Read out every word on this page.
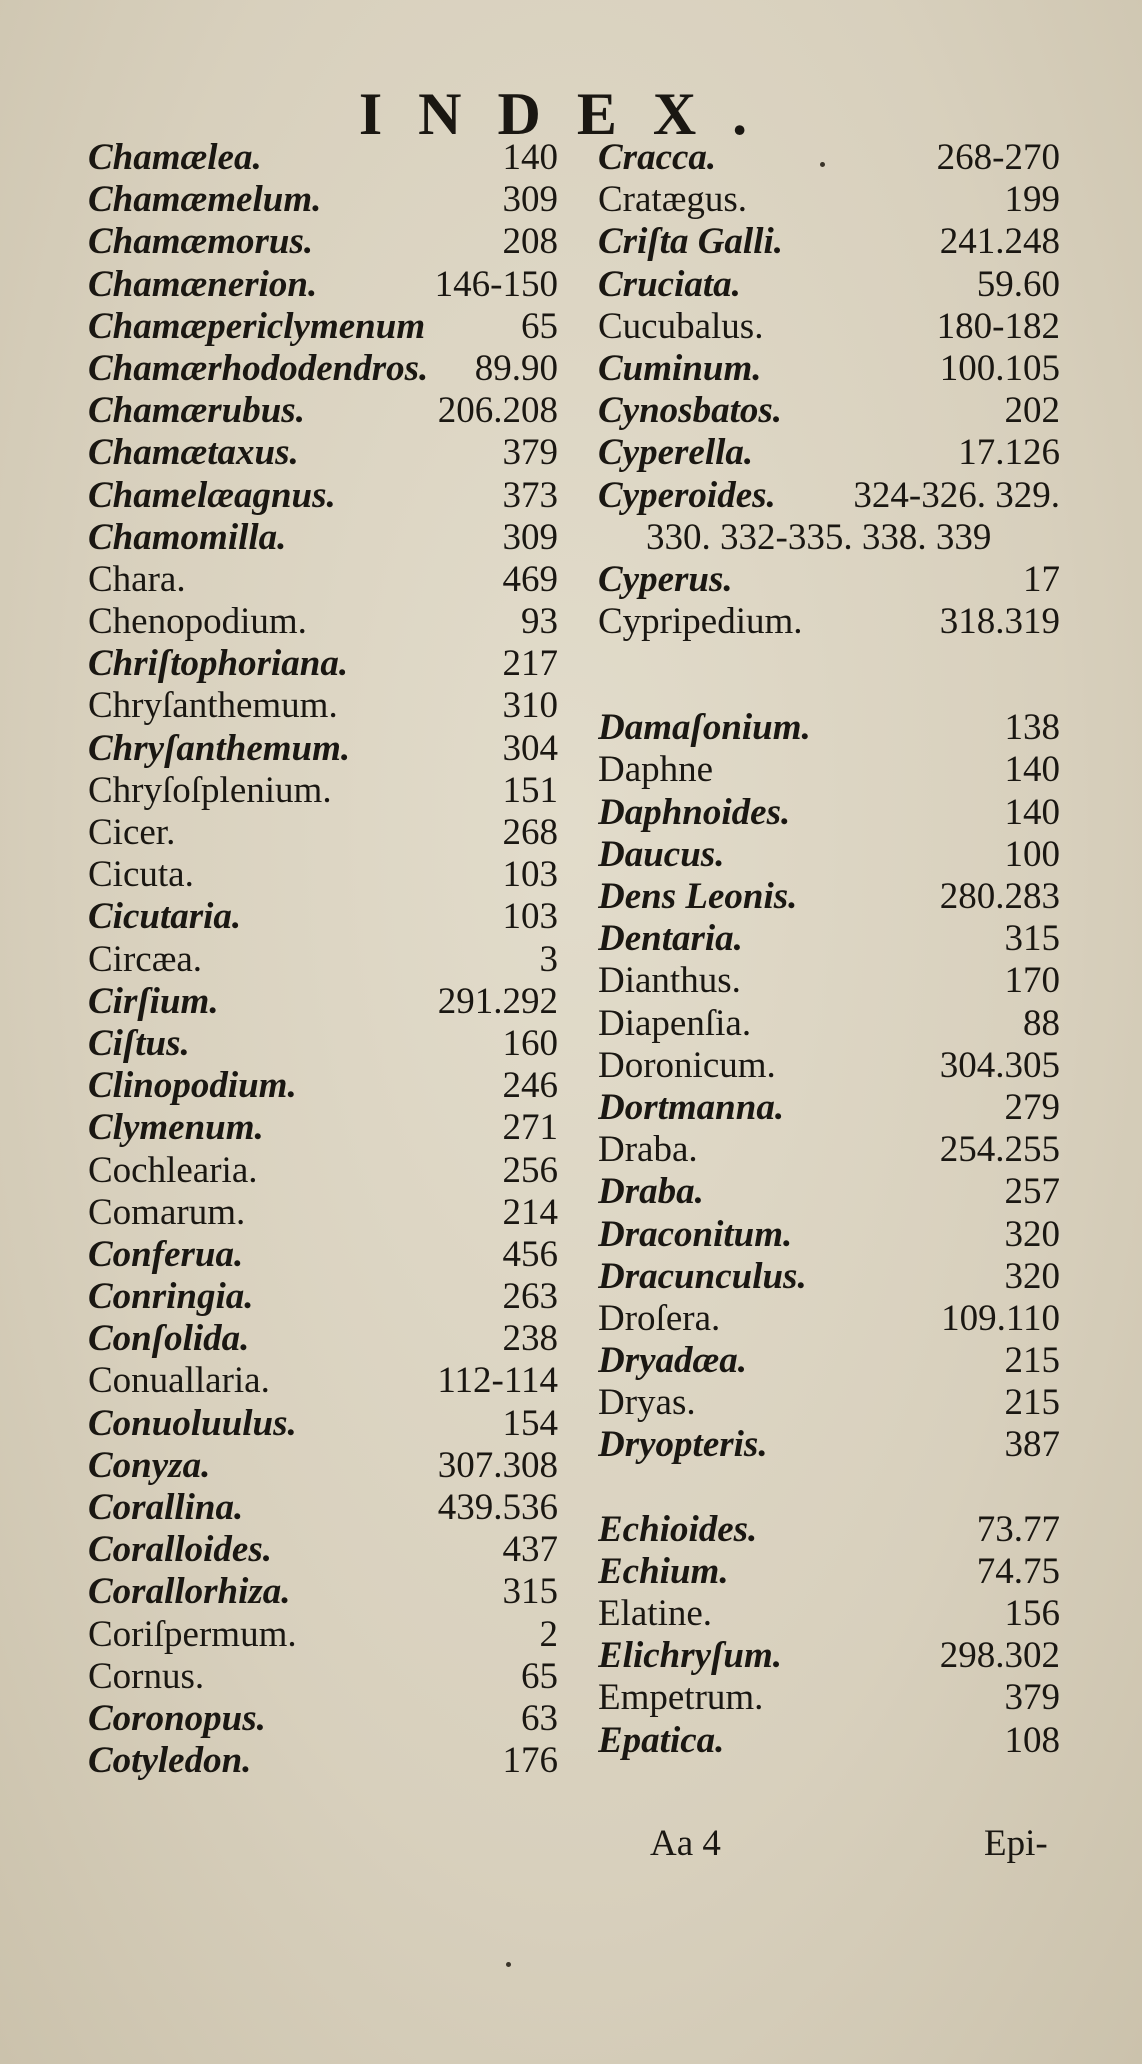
INDEX.
Chamælea.	140
Chamæmelum.	309
Chamæmorus.	208
Chamænerion.	146-150
Chamæpericlymenum	65
Chamærhododendros. 89.90
Chamærubus.	206.208
Chamætaxus.	379
Chamelæagnus.	373
Chamomilla.	309
Chara.	469
Chenopodium.	93
Chriſtophoriana.	217
Chryſanthemum.	310
Chryſanthemum.	304
Chryſoſplenium.	151
Cicer.	268
Cicuta.	103
Cicutaria.	103
Circæa.	3
Cirſium.	291.292
Ciſtus.	160
Clinopodium.	246
Clymenum.	271
Cochlearia.	256
Comarum.	214
Conferua.	456
Conringia.	263
Conſolida.	238
Conuallaria.	112-114
Conuoluulus.	154
Conyza.	307.308
Corallina.	439.536
Coralloides.	437
Corallorhiza.	315
Coriſpermum.	2
Cornus.	65
Coronopus.	63
Cotyledon.	176
Cracca.	268-270
Cratægus.	199
Criſta Galli.	241.248
Cruciata.	59.60
Cucubalus.	180-182
Cuminum.	100.105
Cynosbatos.	202
Cyperella.	17.126
Cyperoides. 324-326. 329.
330. 332-335. 338. 339
Cyperus.	17
Cypripedium.	318.319
Damaſonium.	138
Daphne	140
Daphnoides.	140
Daucus.	100
Dens Leonis.	280.283
Dentaria.	315
Dianthus.	170
Diapenſia.	88
Doronicum.	304.305
Dortmanna.	279
Draba.	254.255
Draba.	257
Draconitum.	320
Dracunculus.	320
Droſera.	109.110
Dryadæa.	215
Dryas.	215
Dryopteris.	387
Echioides.	73.77
Echium.	74.75
Elatine.	156
Elichryſum.	298.302
Empetrum.	379
Epatica.	108
Aa 4	Epi-
